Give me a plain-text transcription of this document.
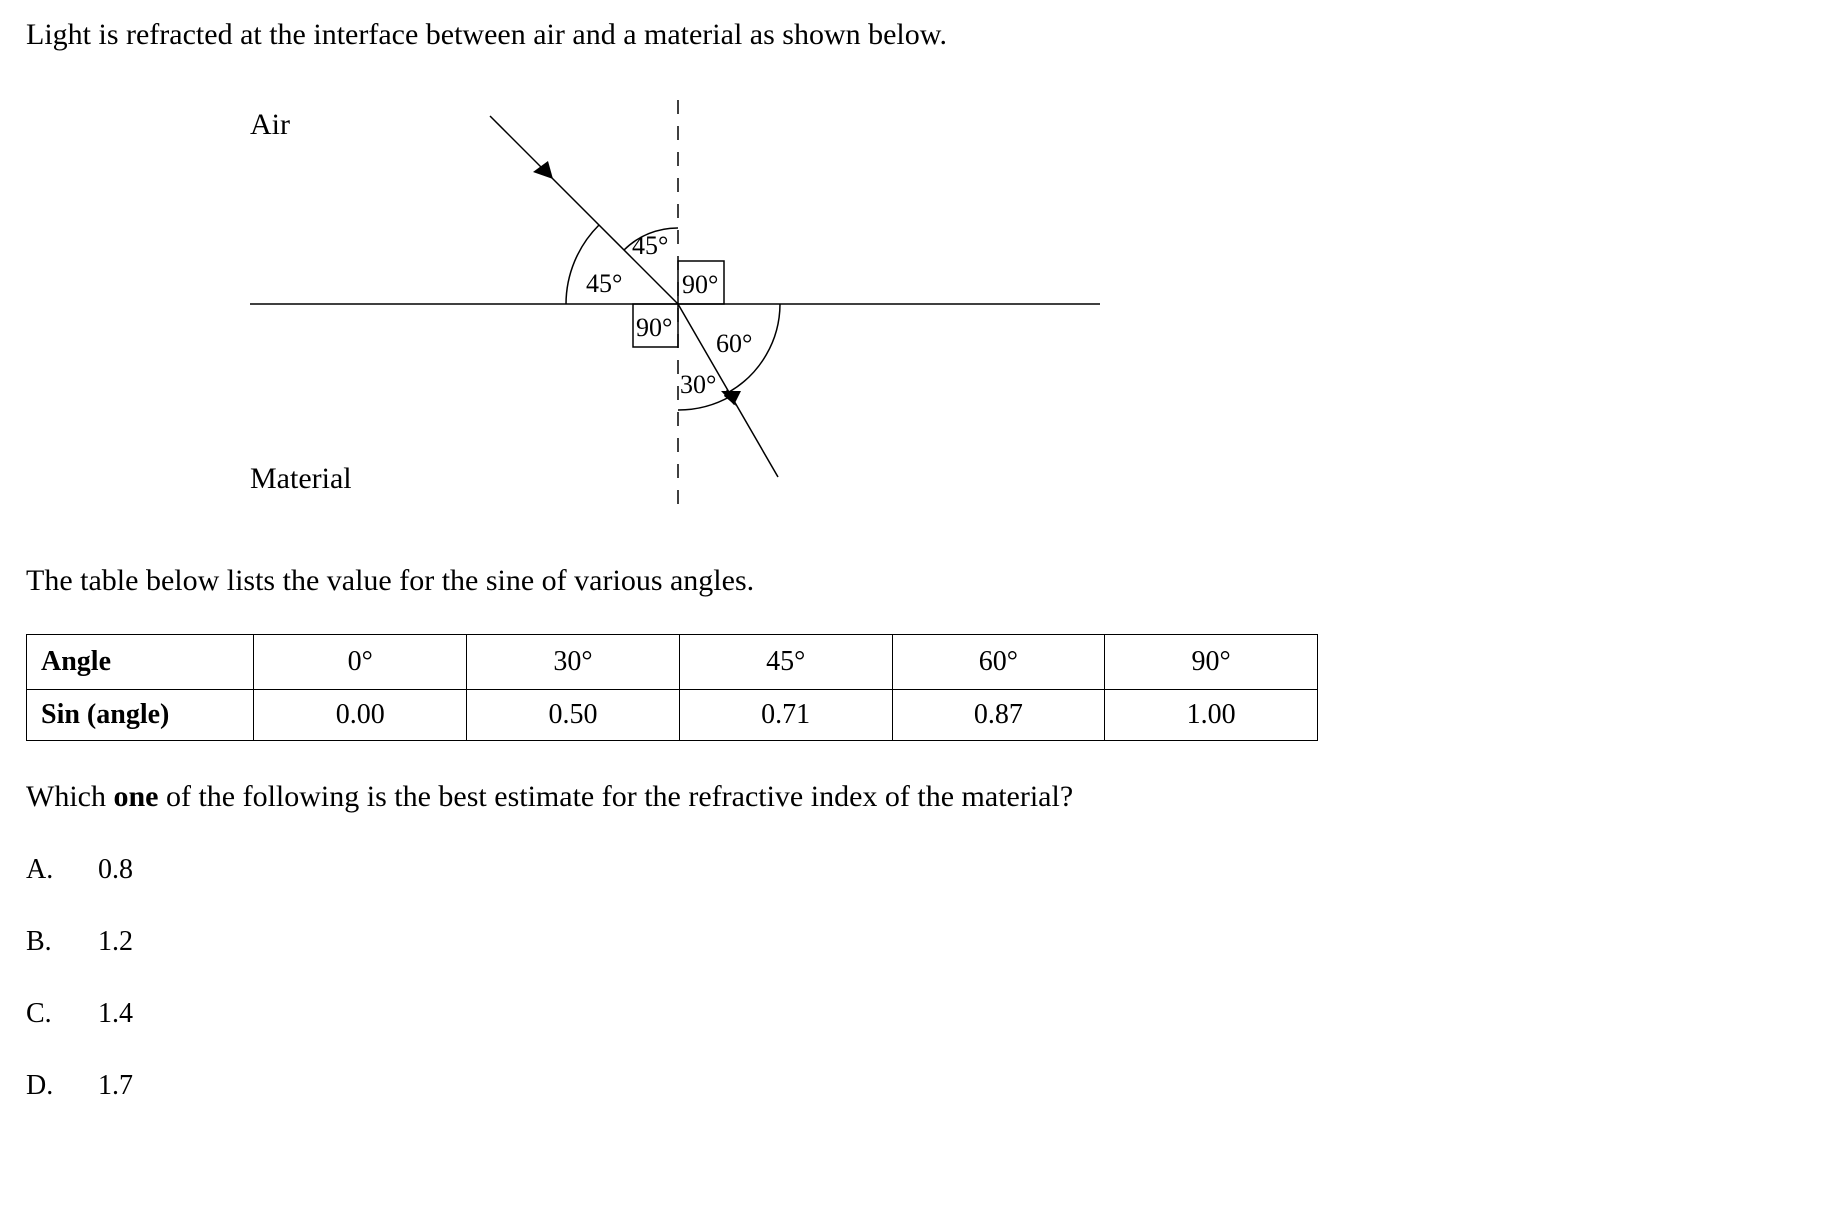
Light is refracted at the interface between air and a material as shown below.
Air
Material
45°
45° 90°
90°
60°
30°
The table below lists the value for the sine of various angles.
Angle	0°	30°	45°	60°	90°
Sin (angle)	0.00	0.50	0.71	0.87	1.00
Which one of the following is the best estimate for the refractive index of the material?
A. 0.8
B. 1.2
C. 1.4
D. 1.7
